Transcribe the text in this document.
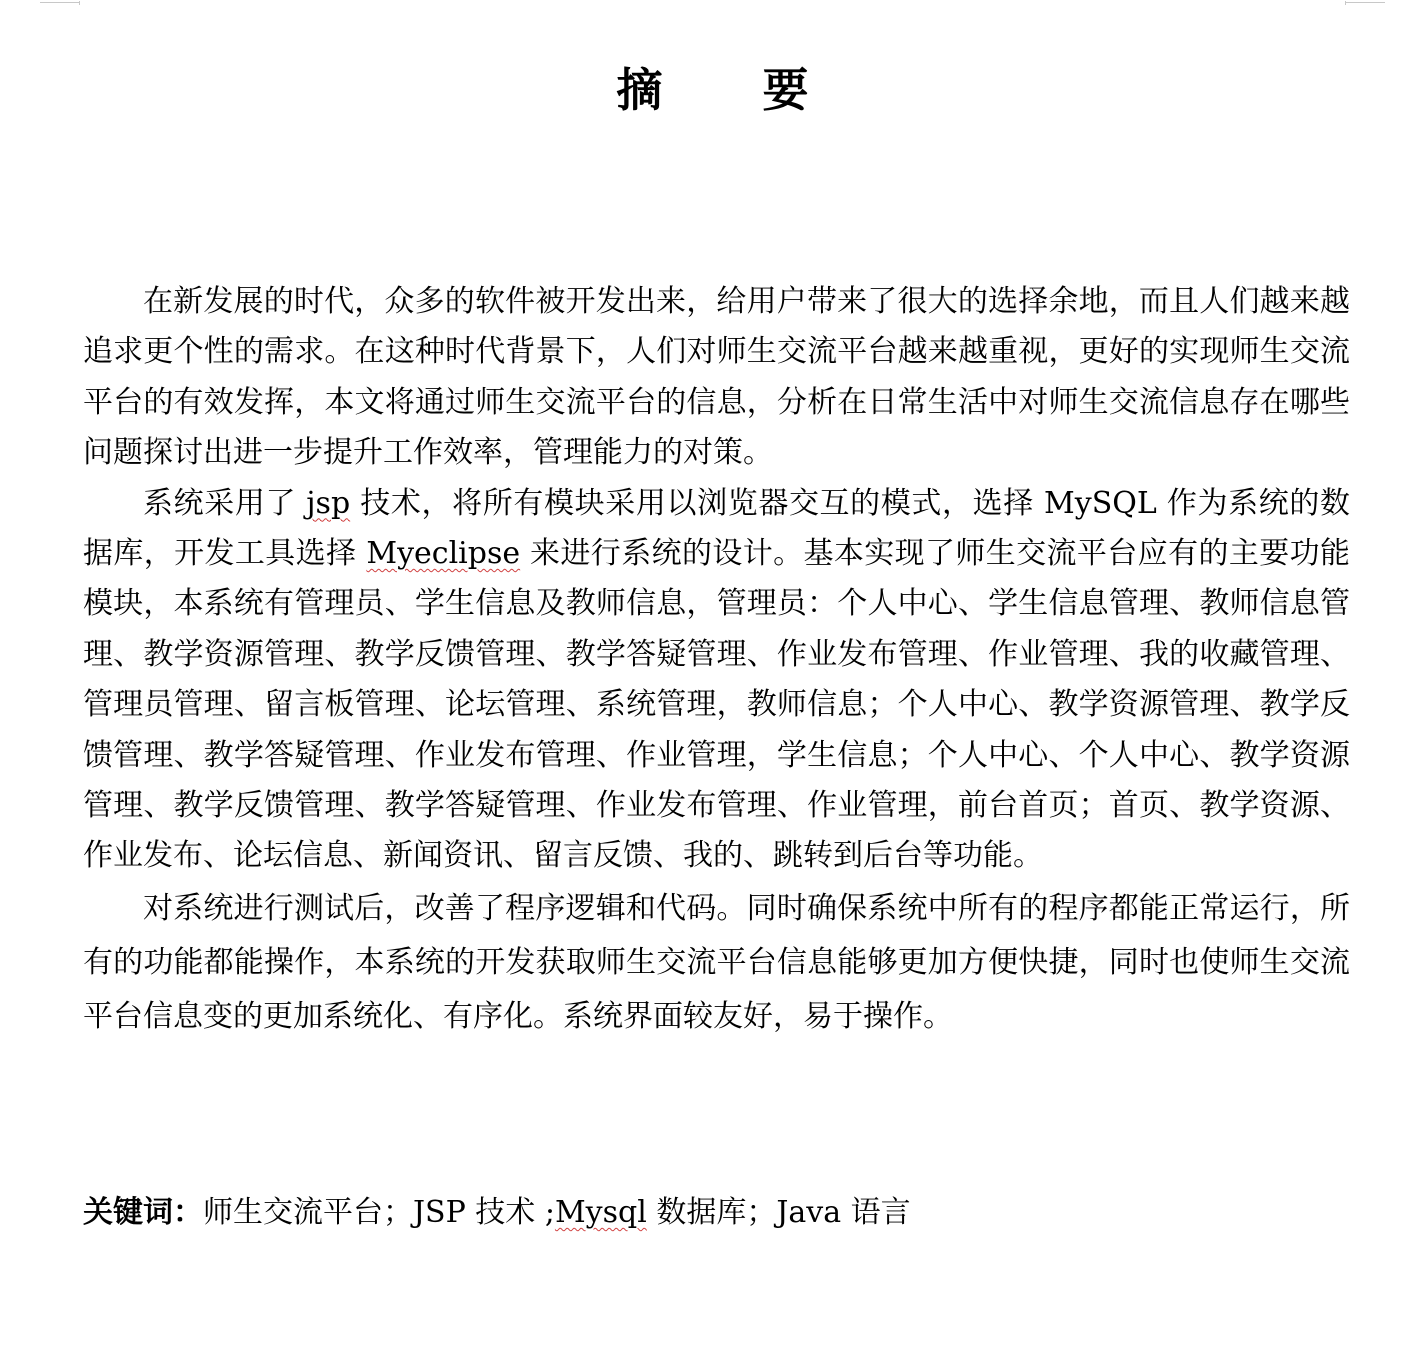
摘 要

在新发展的时代，众多的软件被开发出来，给用户带来了很大的选择余地，而且人们越来越追求更个性的需求。在这种时代背景下，人们对师生交流平台越来越重视，更好的实现师生交流平台的有效发挥，本文将通过师生交流平台的信息，分析在日常生活中对师生交流信息存在哪些问题探讨出进一步提升工作效率，管理能力的对策。

系统采用了 jsp 技术，将所有模块采用以浏览器交互的模式，选择 MySQL 作为系统的数据库，开发工具选择 Myeclipse 来进行系统的设计。基本实现了师生交流平台应有的主要功能模块，本系统有管理员、学生信息及教师信息，管理员：个人中心、学生信息管理、教师信息管理、教学资源管理、教学反馈管理、教学答疑管理、作业发布管理、作业管理、我的收藏管理、管理员管理、留言板管理、论坛管理、系统管理，教师信息；个人中心、教学资源管理、教学反馈管理、教学答疑管理、作业发布管理、作业管理，学生信息；个人中心、个人中心、教学资源管理、教学反馈管理、教学答疑管理、作业发布管理、作业管理，前台首页；首页、教学资源、作业发布、论坛信息、新闻资讯、留言反馈、我的、跳转到后台等功能。

对系统进行测试后，改善了程序逻辑和代码。同时确保系统中所有的程序都能正常运行，所有的功能都能操作，本系统的开发获取师生交流平台信息能够更加方便快捷，同时也使师生交流平台信息变的更加系统化、有序化。系统界面较友好，易于操作。

关键词：师生交流平台；JSP 技术 ;Mysql 数据库；Java 语言
